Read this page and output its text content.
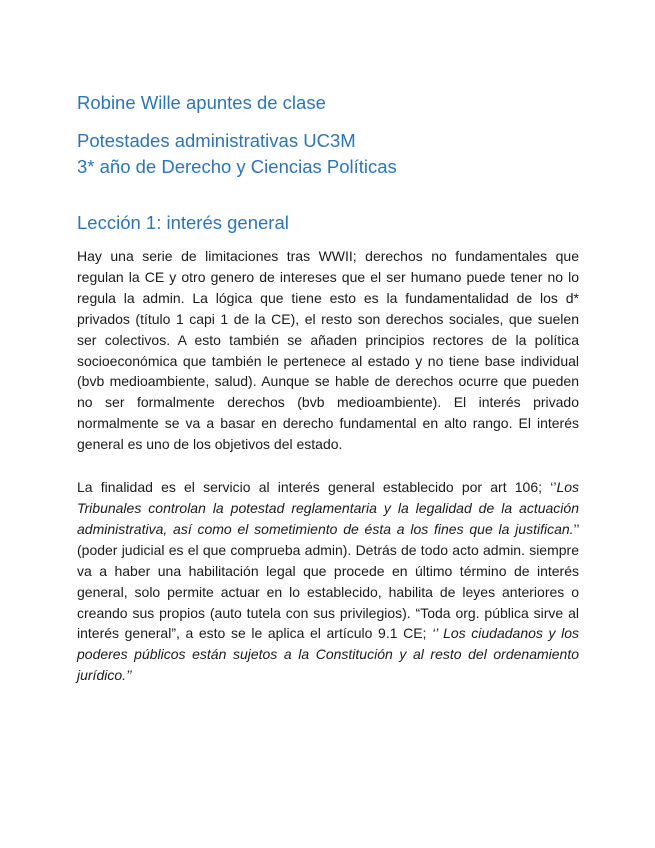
Robine Wille apuntes de clase
Potestades administrativas UC3M
3* año de Derecho y Ciencias Políticas
Lección 1: interés general

Hay una serie de limitaciones tras WWII; derechos no fundamentales que regulan la CE y otro genero de intereses que el ser humano puede tener no lo regula la admin. La lógica que tiene esto es la fundamentalidad de los d* privados (título 1 capi 1 de la CE), el resto son derechos sociales, que suelen ser colectivos. A esto también se añaden principios rectores de la política socioeconómica que también le pertenece al estado y no tiene base individual (bvb medioambiente, salud). Aunque se hable de derechos ocurre que pueden no ser formalmente derechos (bvb medioambiente). El interés privado normalmente se va a basar en derecho fundamental en alto rango. El interés general es uno de los objetivos del estado.

La finalidad es el servicio al interés general establecido por art 106; ‘’Los Tribunales controlan la potestad reglamentaria y la legalidad de la actuación administrativa, así como el sometimiento de ésta a los fines que la justifican.’’ (poder judicial es el que comprueba admin). Detrás de todo acto admin. siempre va a haber una habilitación legal que procede en último término de interés general, solo permite actuar en lo establecido, habilita de leyes anteriores o creando sus propios (auto tutela con sus privilegios). “Toda org. pública sirve al interés general”, a esto se le aplica el artículo 9.1 CE; ‘’ Los ciudadanos y los poderes públicos están sujetos a la Constitución y al resto del ordenamiento jurídico.’’
